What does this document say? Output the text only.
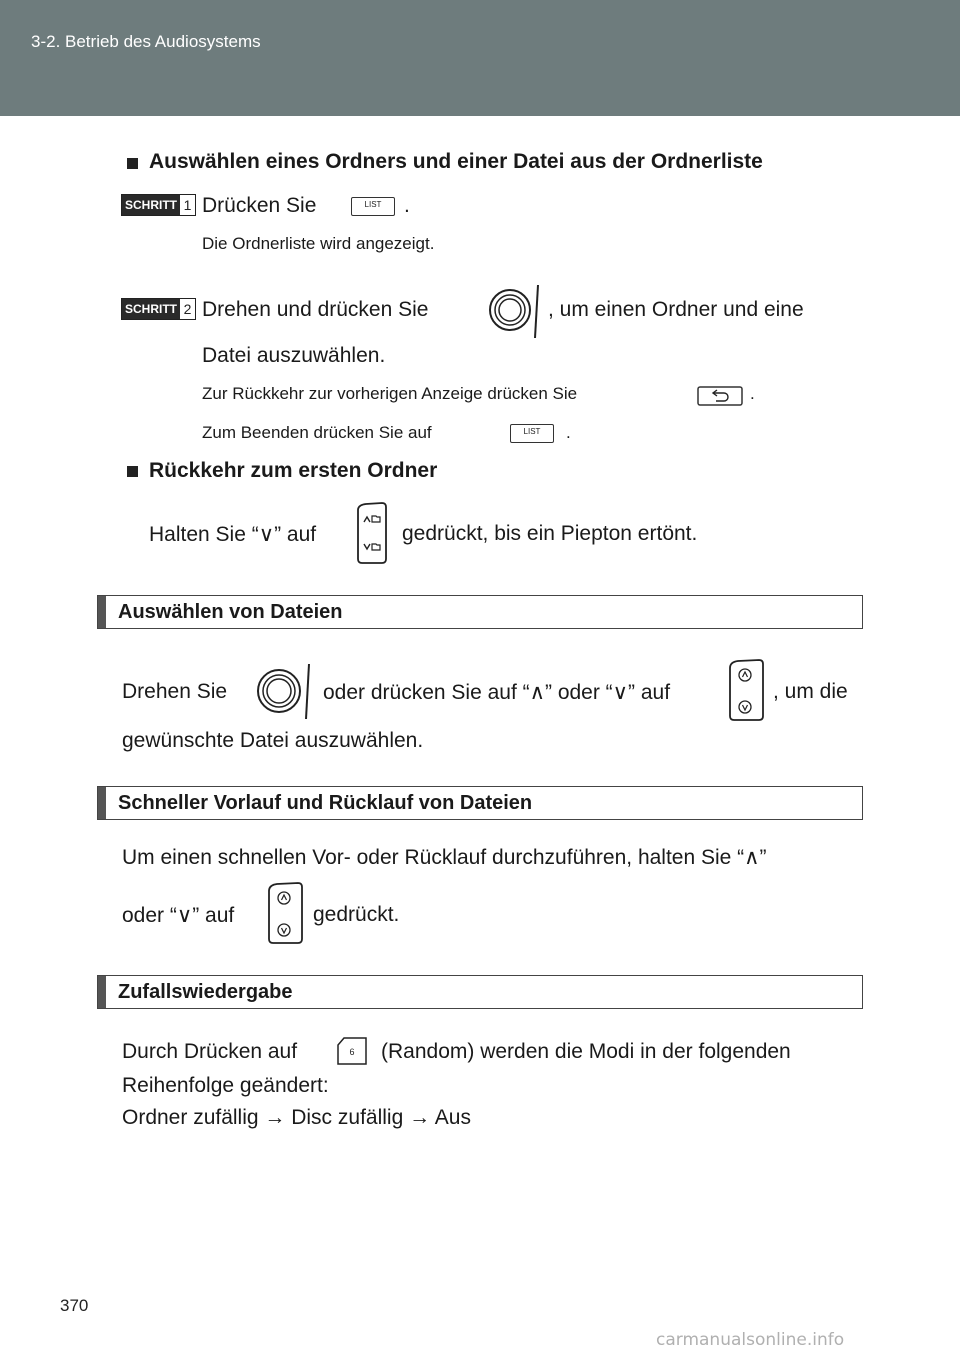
3-2. Betrieb des Audiosystems
Auswählen eines Ordners und einer Datei aus der Ordnerliste
SCHRITT 1 Drücken Sie	LIST	.
Die Ordnerliste wird angezeigt.
SCHRITT 2 Drehen und drücken Sie	, um einen Ordner und eine
Datei auszuwählen.
Zur Rückkehr zur vorherigen Anzeige drücken Sie	.
Zum Beenden drücken Sie auf	LIST	.
Rückkehr zum ersten Ordner
Halten Sie “∨” auf	gedrückt, bis ein Piepton ertönt.
Auswählen von Dateien
Drehen Sie	oder drücken Sie auf “∧” oder “∨” auf	, um die
gewünschte Datei auszuwählen.
Schneller Vorlauf und Rücklauf von Dateien
Um einen schnellen Vor- oder Rücklauf durchzuführen, halten Sie “∧”
oder “∨” auf	gedrückt.
Zufallswiedergabe
Durch Drücken auf	6 (Random) werden die Modi in der folgenden
Reihenfolge geändert:
Ordner zufällig → Disc zufällig → Aus
370
carmanualsonline.info
